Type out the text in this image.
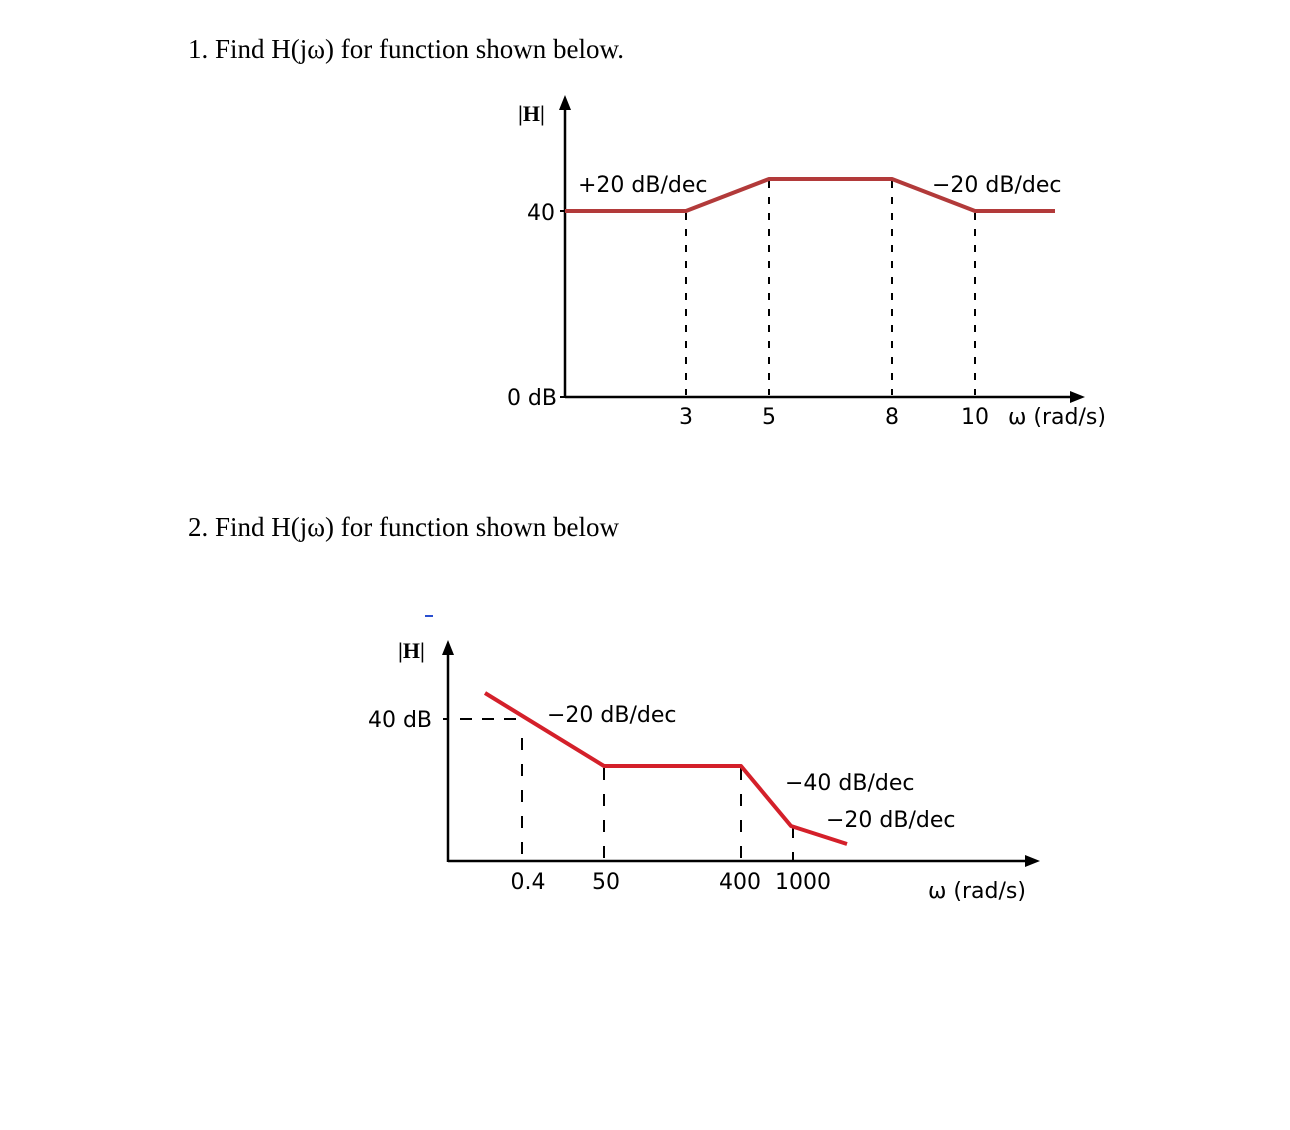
1. Find H(jω) for function shown below.
|H|
40
0 dB
3	5	8	10 ω (rad/s)
+20 dB/dec	−20 dB/dec
2. Find H(jω) for function shown below
|H|
40 dB
0.4 50	400 1000	ω (rad/s)
−20 dB/dec
−40 dB/dec
−20 dB/dec
